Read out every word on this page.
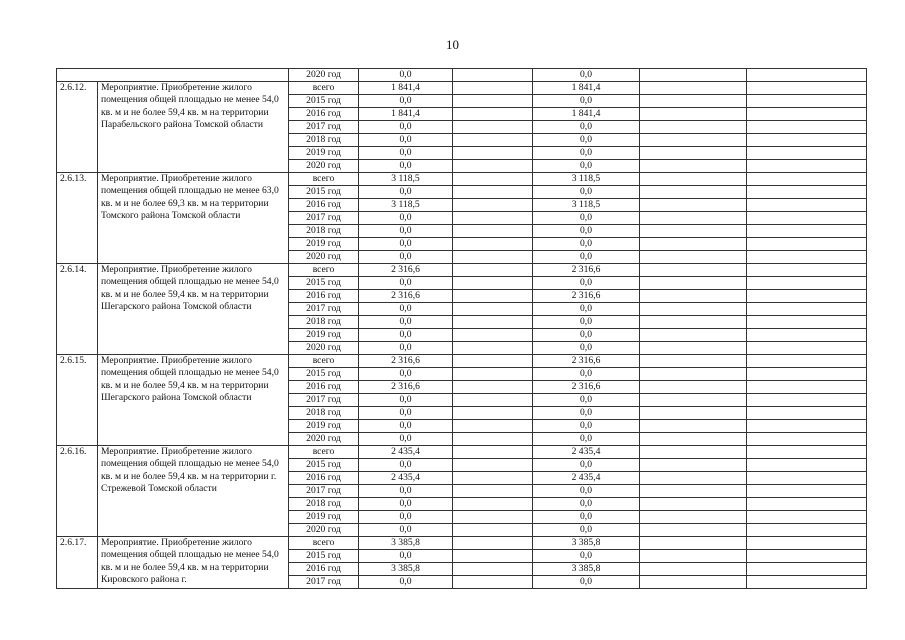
10
		2020 год	0,0		0,0		
2.6.12.	Мероприятие. Приобретение жилого помещения общей площадью не менее 54,0 кв. м и не более 59,4 кв. м на территории Парабельского района Томской области	всего	1 841,4		1 841,4		
		2015 год	0,0		0,0		
		2016 год	1 841,4		1 841,4		
		2017 год	0,0		0,0		
		2018 год	0,0		0,0		
		2019 год	0,0		0,0		
		2020 год	0,0		0,0		
2.6.13.	Мероприятие. Приобретение жилого помещения общей площадью не менее 63,0 кв. м и не более 69,3 кв. м на территории Томского района Томской области	всего	3 118,5		3 118,5		
		2015 год	0,0		0,0		
		2016 год	3 118,5		3 118,5		
		2017 год	0,0		0,0		
		2018 год	0,0		0,0		
		2019 год	0,0		0,0		
		2020 год	0,0		0,0		
2.6.14.	Мероприятие. Приобретение жилого помещения общей площадью не менее 54,0 кв. м и не более 59,4 кв. м на территории Шегарского района Томской области	всего	2 316,6		2 316,6		
		2015 год	0,0		0,0		
		2016 год	2 316,6		2 316,6		
		2017 год	0,0		0,0		
		2018 год	0,0		0,0		
		2019 год	0,0		0,0		
		2020 год	0,0		0,0		
2.6.15.	Мероприятие. Приобретение жилого помещения общей площадью не менее 54,0 кв. м и не более 59,4 кв. м на территории Шегарского района Томской области	всего	2 316,6		2 316,6		
		2015 год	0,0		0,0		
		2016 год	2 316,6		2 316,6		
		2017 год	0,0		0,0		
		2018 год	0,0		0,0		
		2019 год	0,0		0,0		
		2020 год	0,0		0,0		
2.6.16.	Мероприятие. Приобретение жилого помещения общей площадью не менее 54,0 кв. м и не более 59,4 кв. м на территории г. Стрежевой Томской области	всего	2 435,4		2 435,4		
		2015 год	0,0		0,0		
		2016 год	2 435,4		2 435,4		
		2017 год	0,0		0,0		
		2018 год	0,0		0,0		
		2019 год	0,0		0,0		
		2020 год	0,0		0,0		
2.6.17.	Мероприятие. Приобретение жилого помещения общей площадью не менее 54,0 кв. м и не более 59,4 кв. м на территории Кировского района г.	всего	3 385,8		3 385,8		
		2015 год	0,0		0,0		
		2016 год	3 385,8		3 385,8		
		2017 год	0,0		0,0		
